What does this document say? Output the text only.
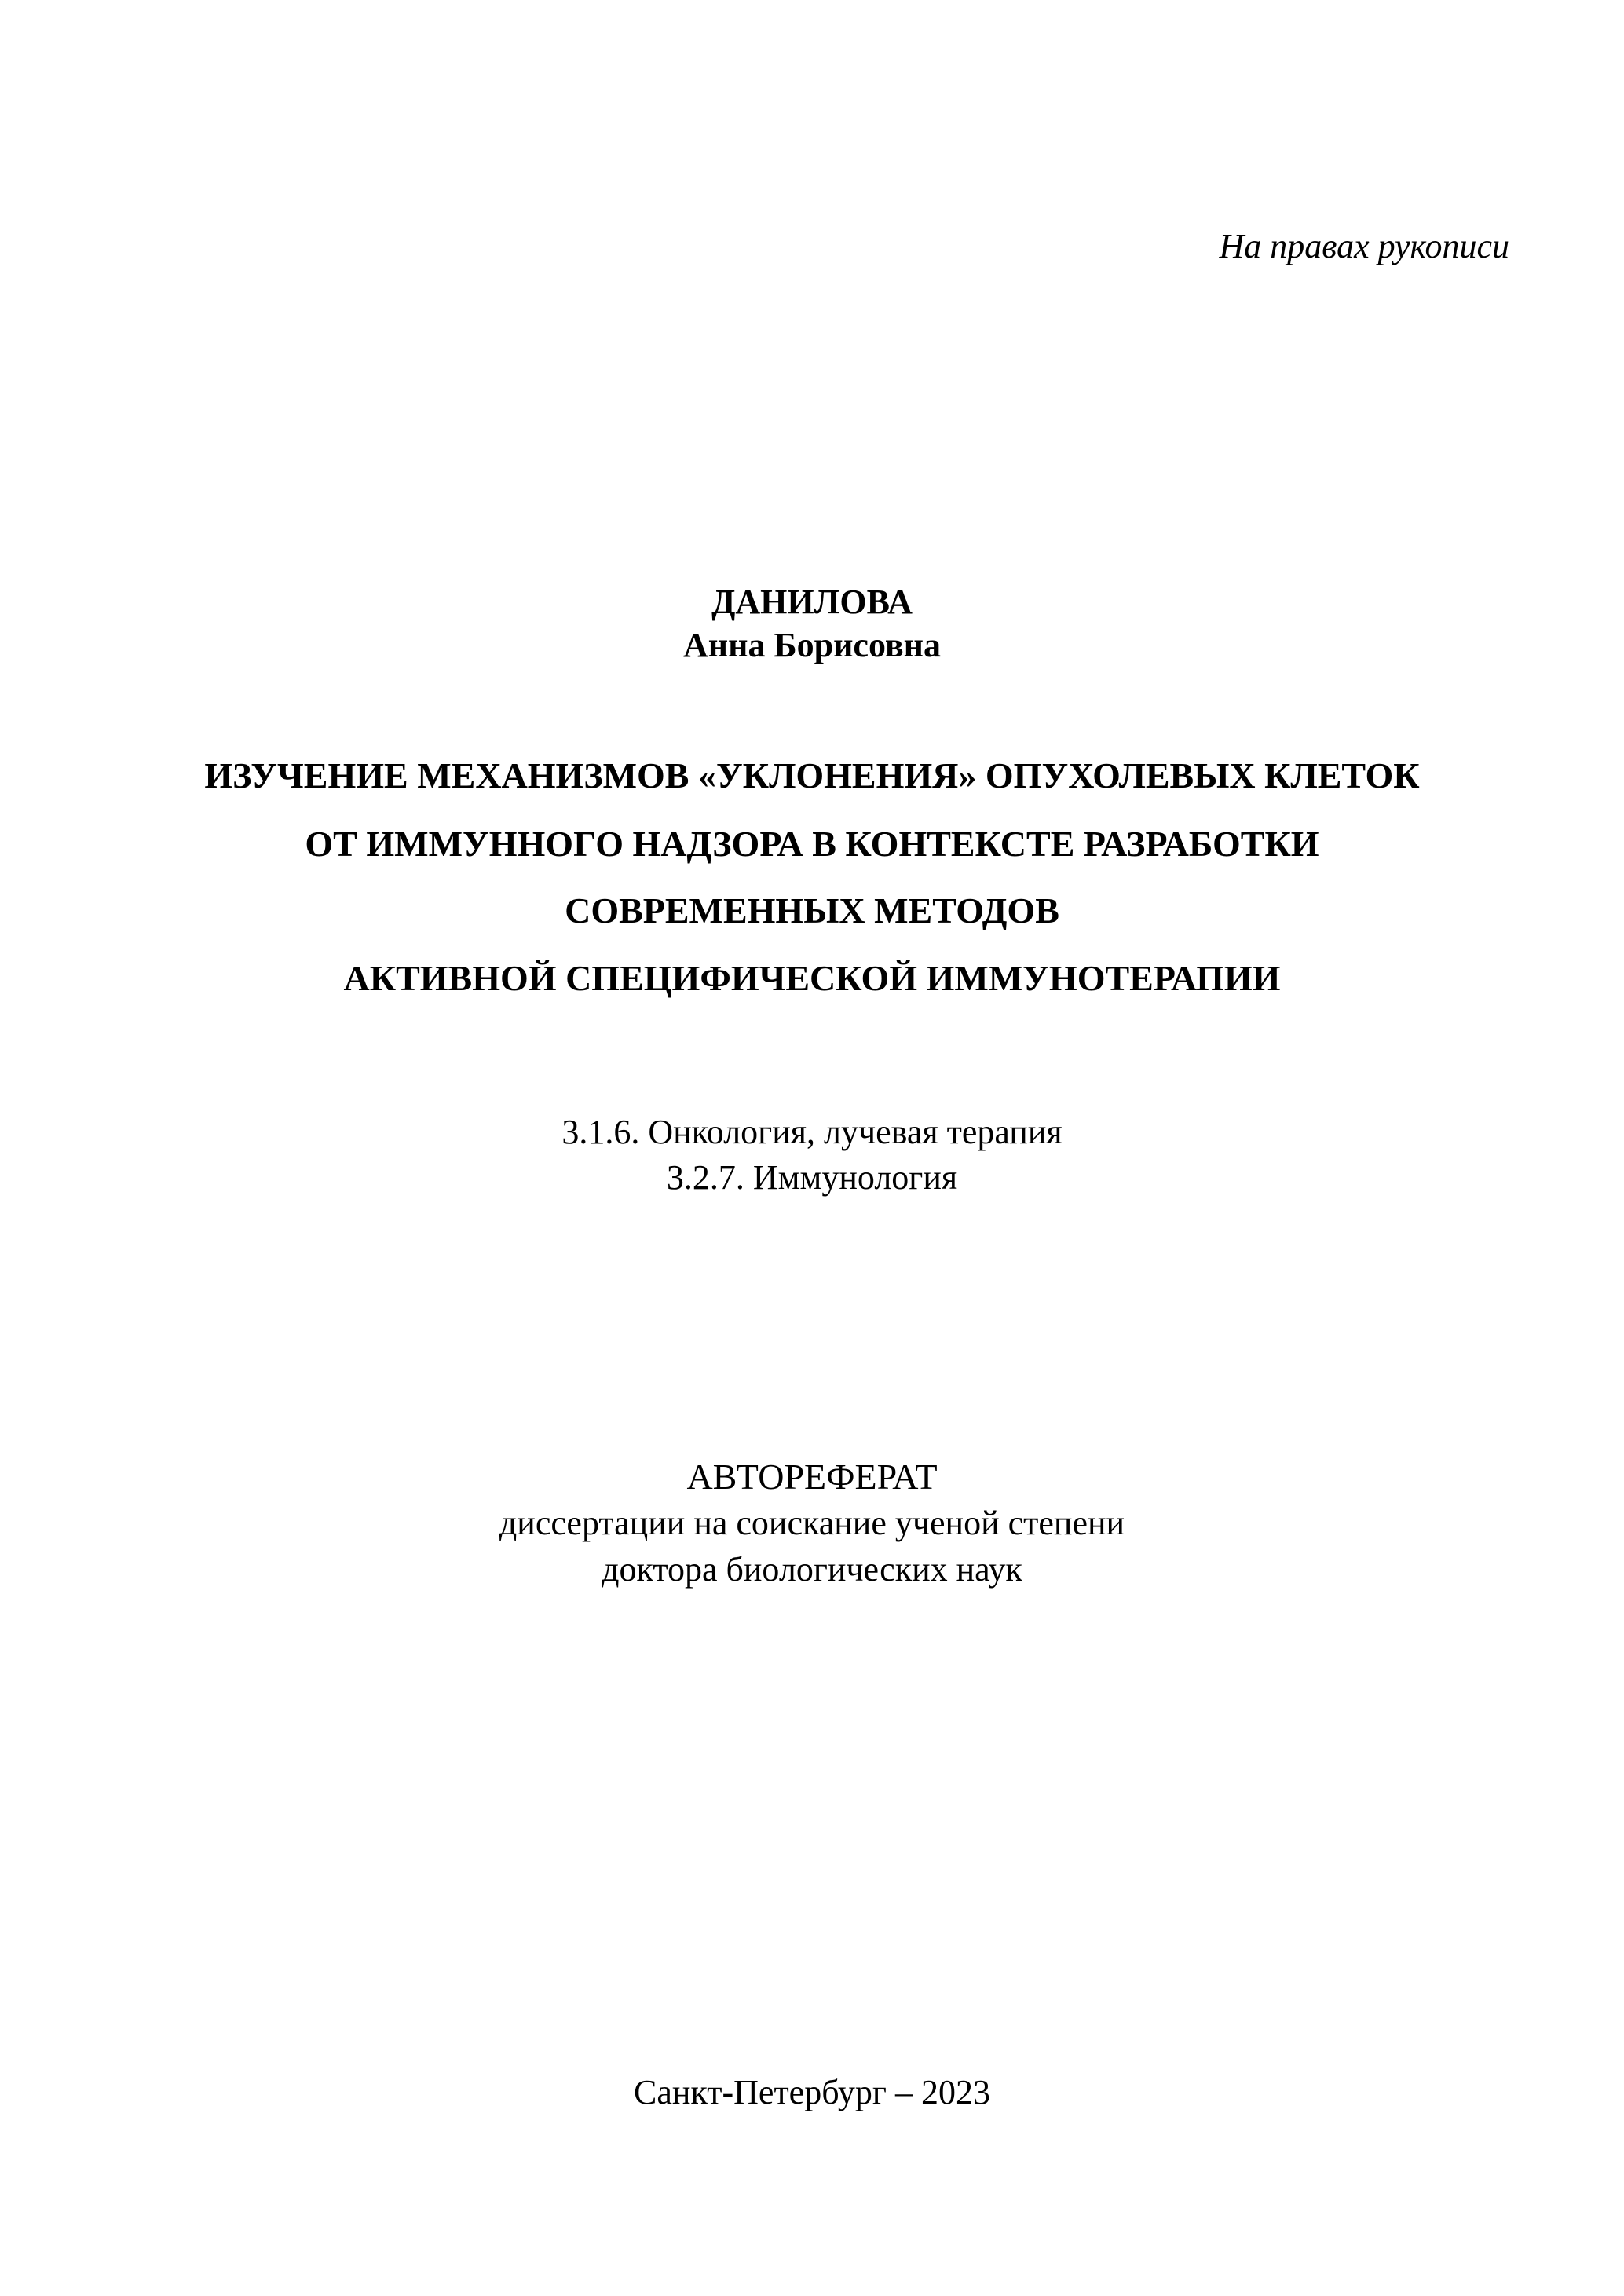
На правах рукописи
ДАНИЛОВА
Анна Борисовна
ИЗУЧЕНИЕ МЕХАНИЗМОВ «УКЛОНЕНИЯ» ОПУХОЛЕВЫХ КЛЕТОК
ОТ ИММУННОГО НАДЗОРА В КОНТЕКСТЕ РАЗРАБОТКИ
СОВРЕМЕННЫХ МЕТОДОВ
АКТИВНОЙ СПЕЦИФИЧЕСКОЙ ИММУНОТЕРАПИИ
3.1.6. Онкология, лучевая терапия
3.2.7. Иммунология
АВТОРЕФЕРАТ
диссертации на соискание ученой степени
доктора биологических наук
Санкт-Петербург – 2023
